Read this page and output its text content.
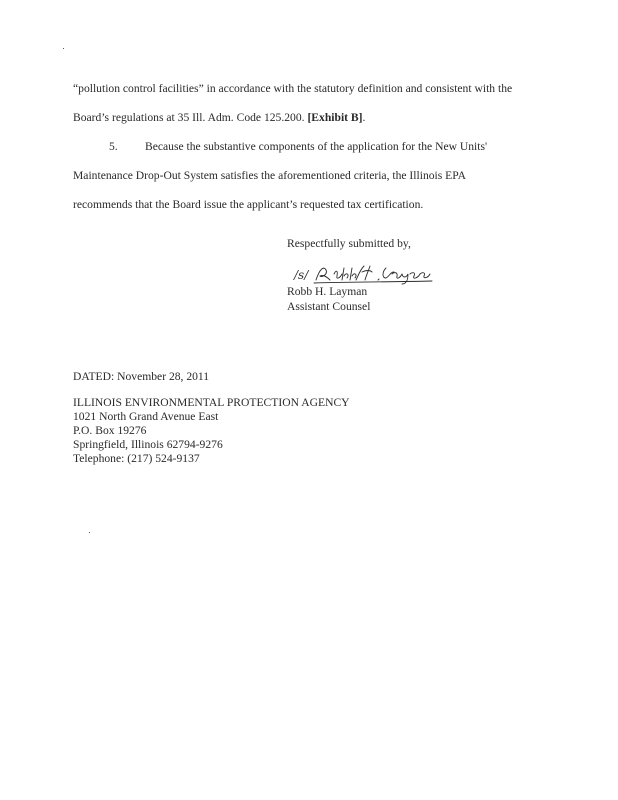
“pollution control facilities” in accordance with the statutory definition and consistent with the
Board’s regulations at 35 Ill. Adm. Code 125.200. [Exhibit B].
5. Because the substantive components of the application for the New Units'
Maintenance Drop-Out System satisfies the aforementioned criteria, the Illinois EPA
recommends that the Board issue the applicant’s requested tax certification.
Respectfully submitted by,
/s/
Robb H. Layman
Assistant Counsel
DATED: November 28, 2011
ILLINOIS ENVIRONMENTAL PROTECTION AGENCY
1021 North Grand Avenue East
P.O. Box 19276
Springfield, Illinois 62794-9276
Telephone: (217) 524-9137
